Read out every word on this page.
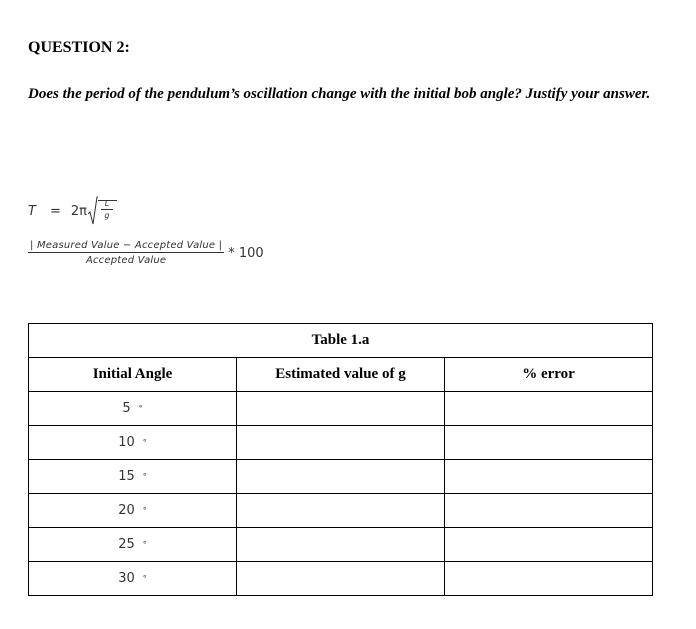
QUESTION 2:
Does the period of the pendulum’s oscillation change with the initial bob angle? Justify your answer.
$T = 2\pi \frac{L}{g}$
$\frac{\text{| Measured Value − Accepted Value |}}{\text{Accepted Value}} * 100$
Table 1.a		
Initial Angle	Estimated value of g	% error
5 °		
10 °		
15 °		
20 °		
25 °		
30 °		
